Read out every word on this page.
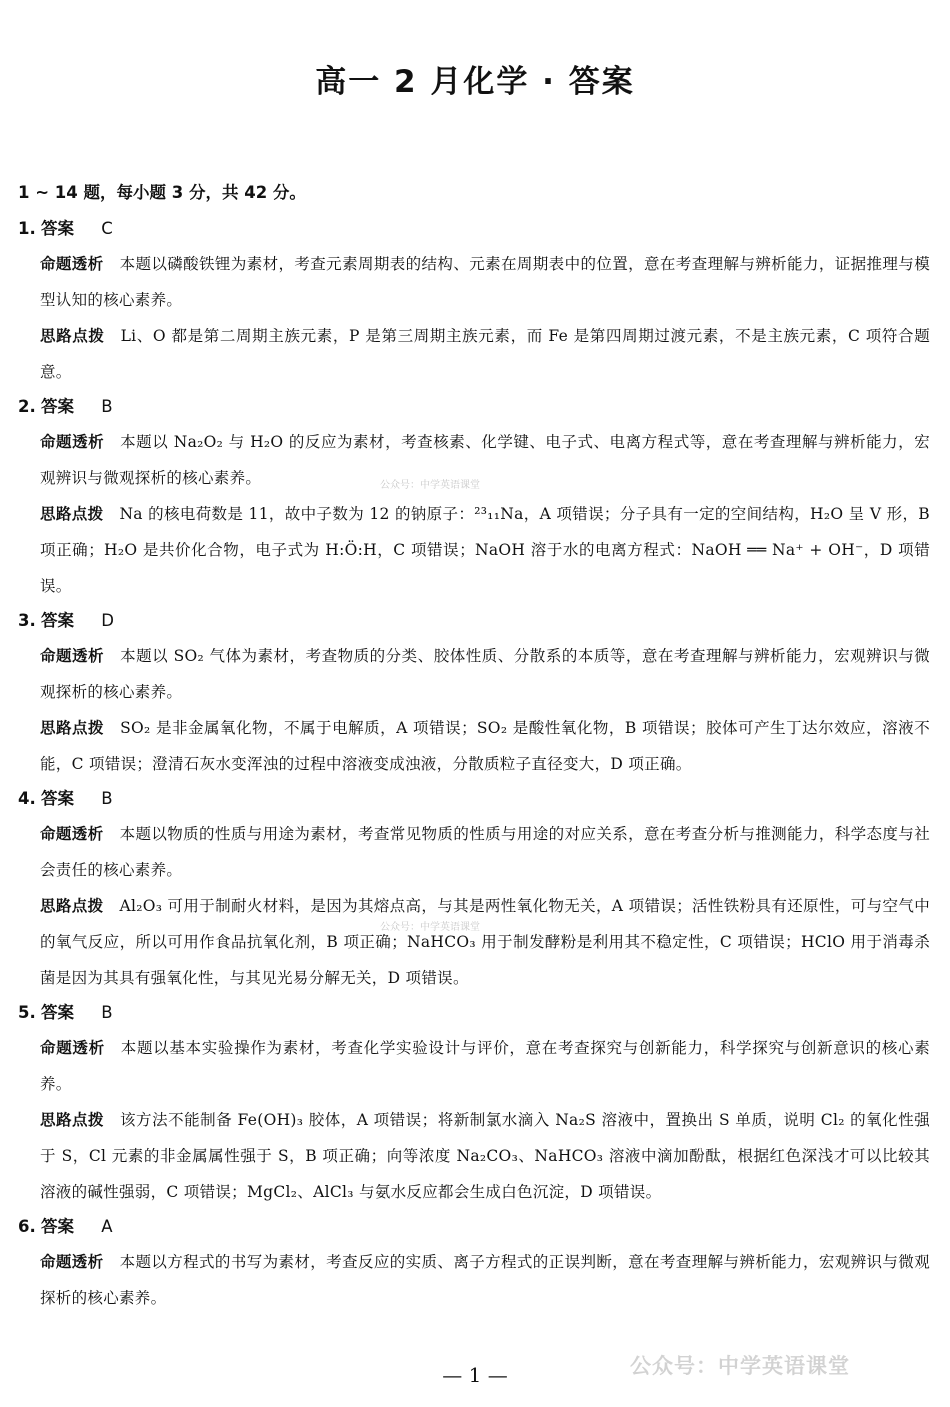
高一 2 月化学 · 答案
1 ~ 14 题，每小题 3 分，共 42 分。
1. 答案 C
命题透析 本题以磷酸铁锂为素材，考查元素周期表的结构、元素在周期表中的位置，意在考查理解与辨析能力，证据推理与模型认知的核心素养。
思路点拨 Li、O 都是第二周期主族元素，P 是第三周期主族元素，而 Fe 是第四周期过渡元素，不是主族元素，C 项符合题意。
2. 答案 B
命题透析 本题以 Na₂O₂ 与 H₂O 的反应为素材，考查核素、化学键、电子式、电离方程式等，意在考查理解与辨析能力，宏观辨识与微观探析的核心素养。
思路点拨 Na 的核电荷数是 11，故中子数为 12 的钠原子：²³₁₁Na，A 项错误；分子具有一定的空间结构，H₂O 呈 V 形，B 项正确；H₂O 是共价化合物，电子式为 H:Ö:H，C 项错误；NaOH 溶于水的电离方程式：NaOH ══ Na⁺ + OH⁻，D 项错误。
3. 答案 D
命题透析 本题以 SO₂ 气体为素材，考查物质的分类、胶体性质、分散系的本质等，意在考查理解与辨析能力，宏观辨识与微观探析的核心素养。
思路点拨 SO₂ 是非金属氧化物，不属于电解质，A 项错误；SO₂ 是酸性氧化物，B 项错误；胶体可产生丁达尔效应，溶液不能，C 项错误；澄清石灰水变浑浊的过程中溶液变成浊液，分散质粒子直径变大，D 项正确。
4. 答案 B
命题透析 本题以物质的性质与用途为素材，考查常见物质的性质与用途的对应关系，意在考查分析与推测能力，科学态度与社会责任的核心素养。
思路点拨 Al₂O₃ 可用于制耐火材料，是因为其熔点高，与其是两性氧化物无关，A 项错误；活性铁粉具有还原性，可与空气中的氧气反应，所以可用作食品抗氧化剂，B 项正确；NaHCO₃ 用于制发酵粉是利用其不稳定性，C 项错误；HClO 用于消毒杀菌是因为其具有强氧化性，与其见光易分解无关，D 项错误。
5. 答案 B
命题透析 本题以基本实验操作为素材，考查化学实验设计与评价，意在考查探究与创新能力，科学探究与创新意识的核心素养。
思路点拨 该方法不能制备 Fe(OH)₃ 胶体，A 项错误；将新制氯水滴入 Na₂S 溶液中，置换出 S 单质，说明 Cl₂ 的氧化性强于 S，Cl 元素的非金属属性强于 S，B 项正确；向等浓度 Na₂CO₃、NaHCO₃ 溶液中滴加酚酞，根据红色深浅才可以比较其溶液的碱性强弱，C 项错误；MgCl₂、AlCl₃ 与氨水反应都会生成白色沉淀，D 项错误。
6. 答案 A
命题透析 本题以方程式的书写为素材，考查反应的实质、离子方程式的正误判断，意在考查理解与辨析能力，宏观辨识与微观探析的核心素养。
公众号：中学英语课堂
公众号：中学英语课堂
— 1 —	公众号：中学英语课堂
